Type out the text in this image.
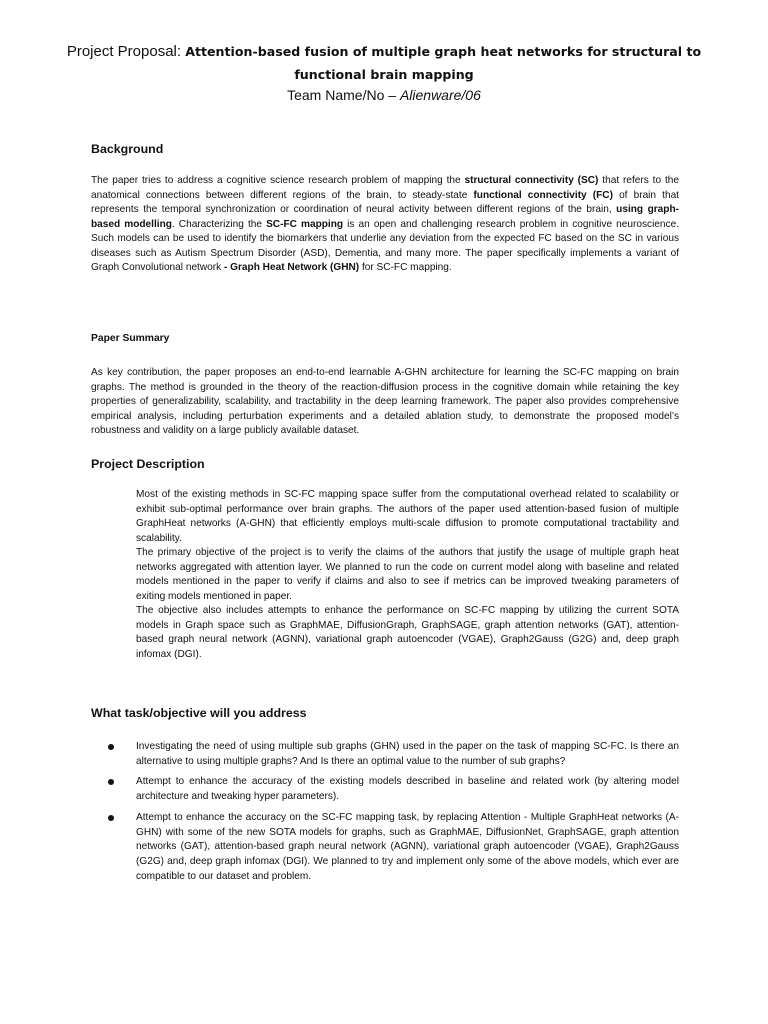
Project Proposal: Attention-based fusion of multiple graph heat networks for structural to
functional brain mapping
Team Name/No – Alienware/06
Background
The paper tries to address a cognitive science research problem of mapping the structural connectivity (SC) that refers to the anatomical connections between different regions of the brain, to steady-state functional connectivity (FC) of brain that represents the temporal synchronization or coordination of neural activity between different regions of the brain, using graph-based modelling. Characterizing the SC-FC mapping is an open and challenging research problem in cognitive neuroscience. Such models can be used to identify the biomarkers that underlie any deviation from the expected FC based on the SC in various diseases such as Autism Spectrum Disorder (ASD), Dementia, and many more. The paper specifically implements a variant of Graph Convolutional network - Graph Heat Network (GHN) for SC-FC mapping.
Paper Summary
As key contribution, the paper proposes an end-to-end learnable A-GHN architecture for learning the SC-FC mapping on brain graphs. The method is grounded in the theory of the reaction-diffusion process in the cognitive domain while retaining the key properties of generalizability, scalability, and tractability in the deep learning framework. The paper also provides comprehensive empirical analysis, including perturbation experiments and a detailed ablation study, to demonstrate the proposed model’s robustness and validity on a large publicly available dataset.
Project Description

Most of the existing methods in SC-FC mapping space suffer from the computational overhead related to scalability or exhibit sub-optimal performance over brain graphs. The authors of the paper used attention-based fusion of multiple GraphHeat networks (A-GHN) that efficiently employs multi-scale diffusion to promote computational tractability and scalability.

The primary objective of the project is to verify the claims of the authors that justify the usage of multiple graph heat networks aggregated with attention layer. We planned to run the code on current model along with baseline and related models mentioned in the paper to verify if claims and also to see if metrics can be improved tweaking parameters of exiting models mentioned in paper.

The objective also includes attempts to enhance the performance on SC-FC mapping by utilizing the current SOTA models in Graph space such as GraphMAE, DiffusionGraph, GraphSAGE, graph attention networks (GAT), attention-based graph neural network (AGNN), variational graph autoencoder (VGAE), Graph2Gauss (G2G) and, deep graph infomax (DGI).

What task/objective will you address
Investigating the need of using multiple sub graphs (GHN) used in the paper on the task of mapping SC-FC. Is there an alternative to using multiple graphs? And Is there an optimal value to the number of sub graphs?
Attempt to enhance the accuracy of the existing models described in baseline and related work (by altering model architecture and tweaking hyper parameters).
Attempt to enhance the accuracy on the SC-FC mapping task, by replacing Attention - Multiple GraphHeat networks (A-GHN) with some of the new SOTA models for graphs, such as GraphMAE, DiffusionNet, GraphSAGE, graph attention networks (GAT), attention-based graph neural network (AGNN), variational graph autoencoder (VGAE), Graph2Gauss (G2G) and, deep graph infomax (DGI). We planned to try and implement only some of the above models, which ever are compatible to our dataset and problem.
